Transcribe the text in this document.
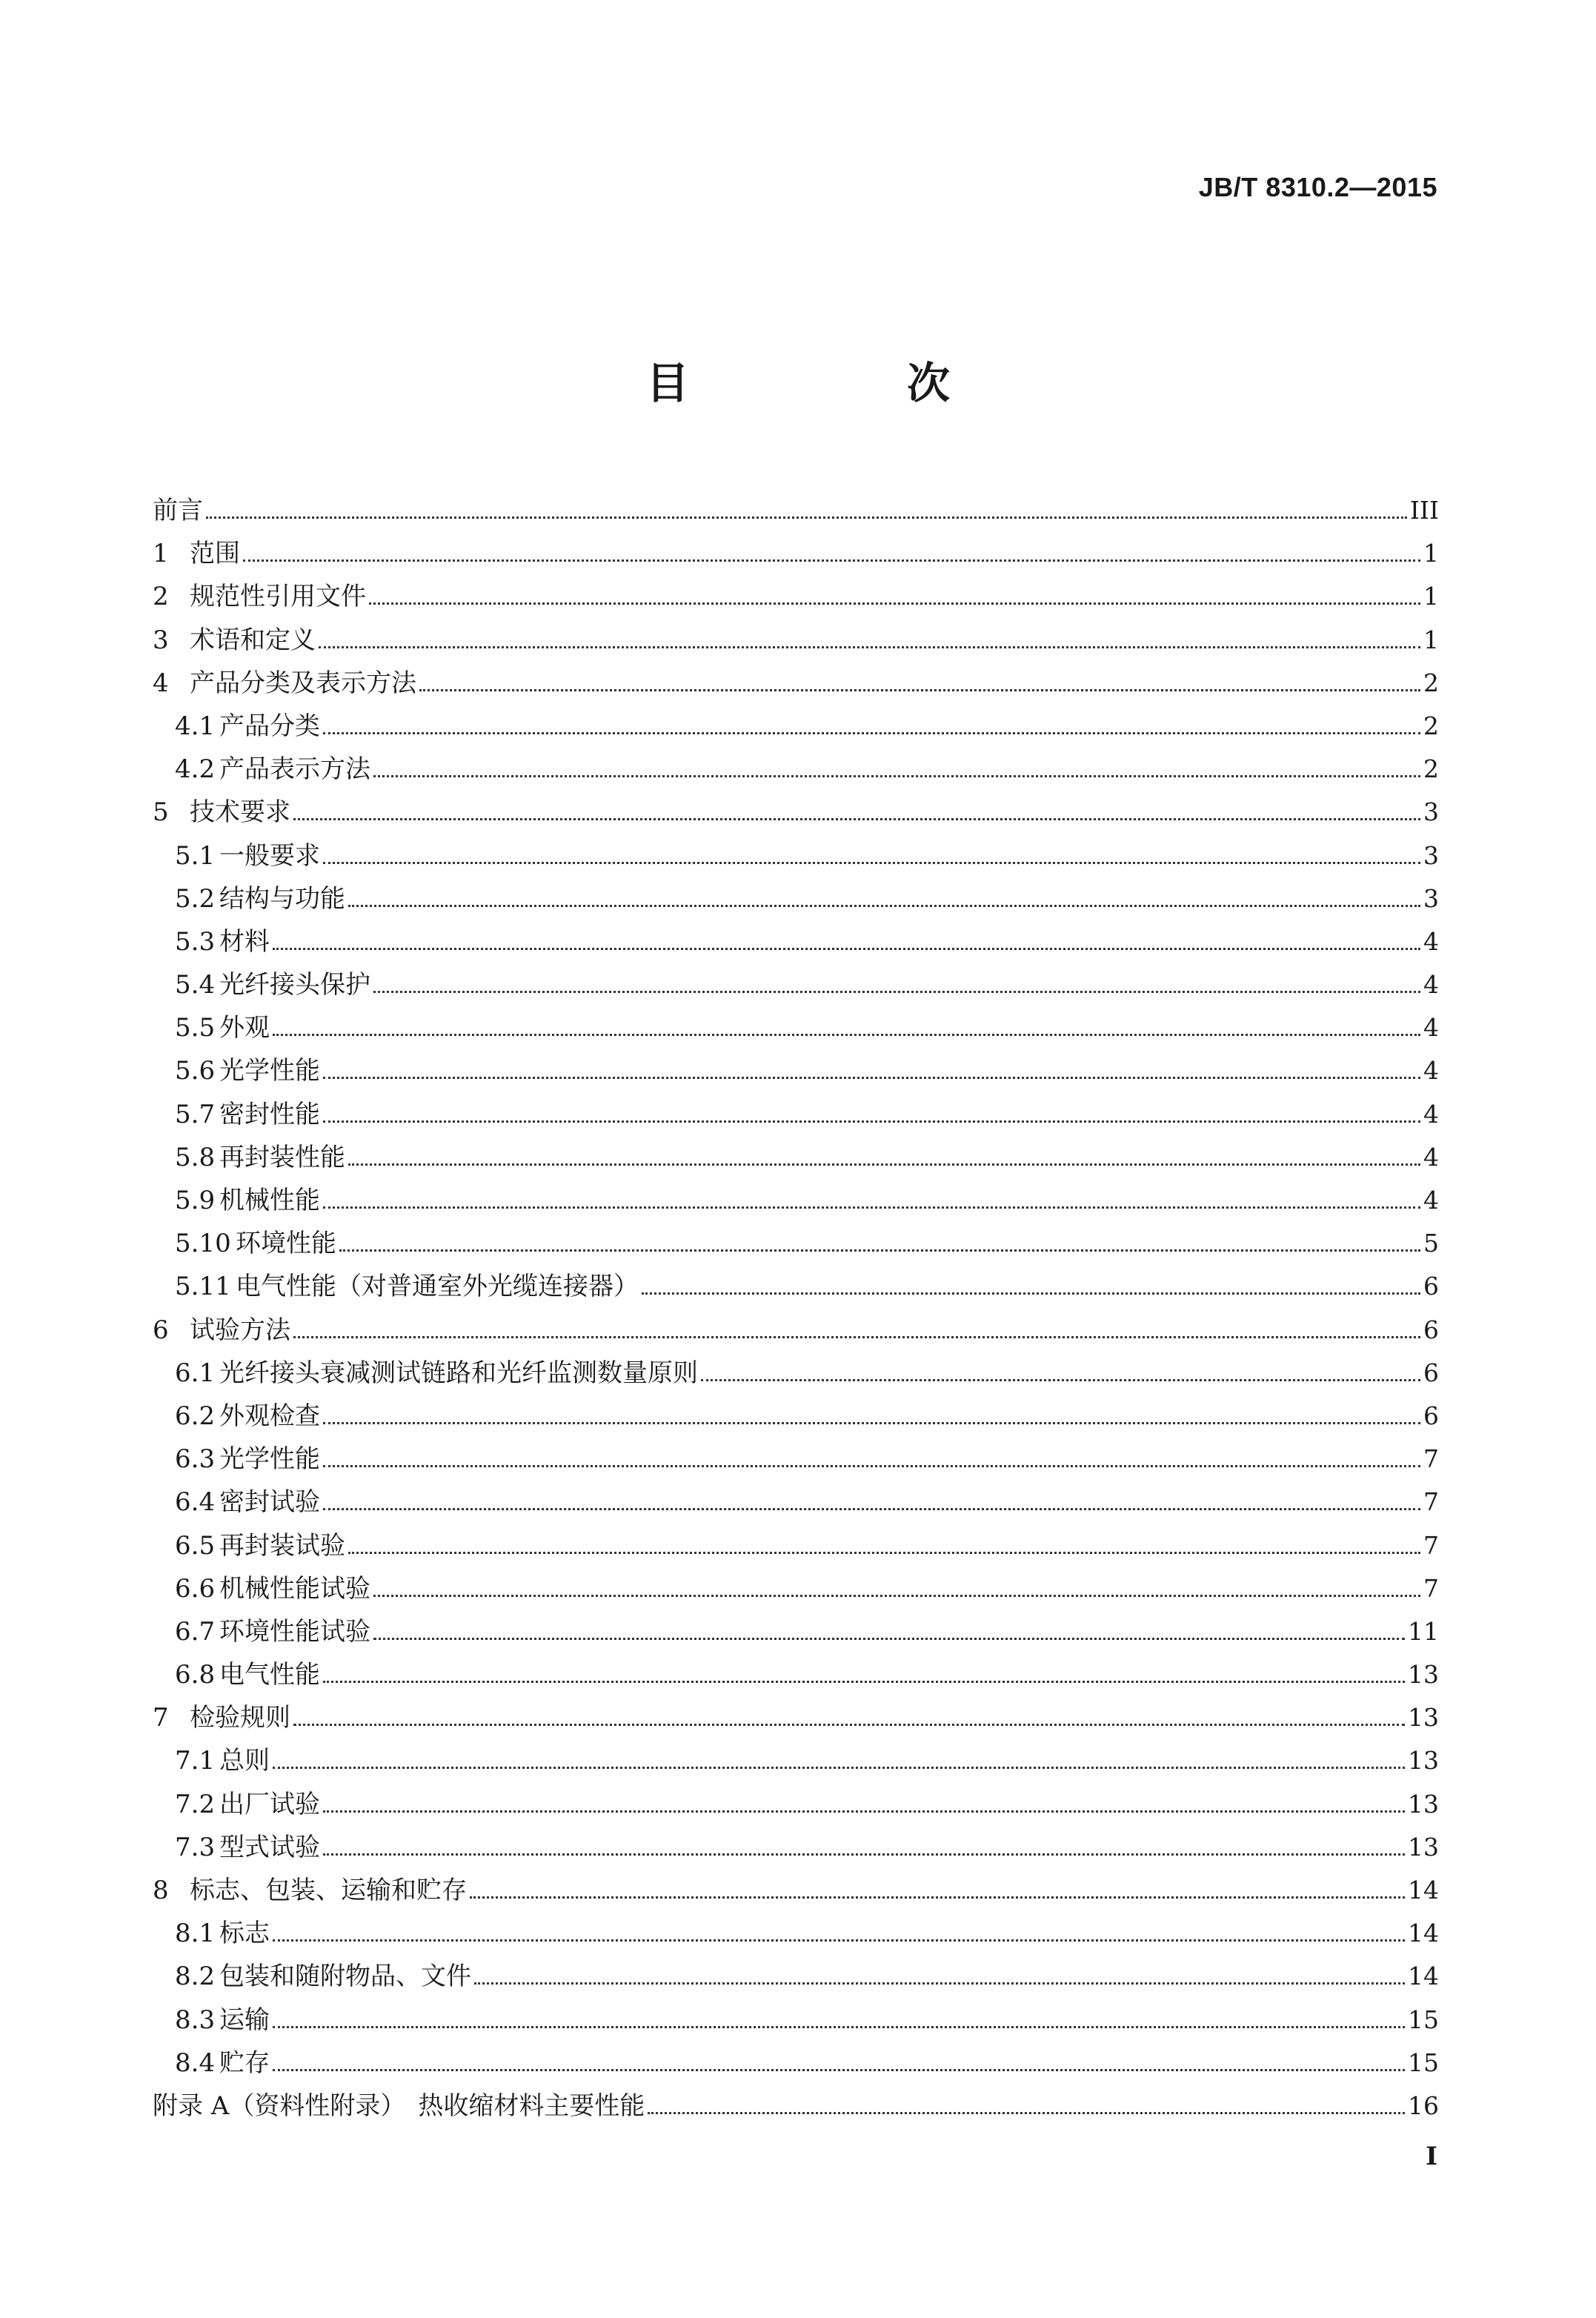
JB/T 8310.2—2015
目　次
前言	III
1 范围	1
2 规范性引用文件	1
3 术语和定义	1
4 产品分类及表示方法	2
4.1 产品分类	2
4.2 产品表示方法	2
5 技术要求	3
5.1 一般要求	3
5.2 结构与功能	3
5.3 材料	4
5.4 光纤接头保护	4
5.5 外观	4
5.6 光学性能	4
5.7 密封性能	4
5.8 再封装性能	4
5.9 机械性能	4
5.10 环境性能	5
5.11 电气性能（对普通室外光缆连接器）	6
6 试验方法	6
6.1 光纤接头衰减测试链路和光纤监测数量原则	6
6.2 外观检查	6
6.3 光学性能	7
6.4 密封试验	7
6.5 再封装试验	7
6.6 机械性能试验	7
6.7 环境性能试验	11
6.8 电气性能	13
7 检验规则	13
7.1 总则	13
7.2 出厂试验	13
7.3 型式试验	13
8 标志、包装、运输和贮存	14
8.1 标志	14
8.2 包装和随附物品、文件	14
8.3 运输	15
8.4 贮存	15
附录 A（资料性附录）　热收缩材料主要性能	16
I
